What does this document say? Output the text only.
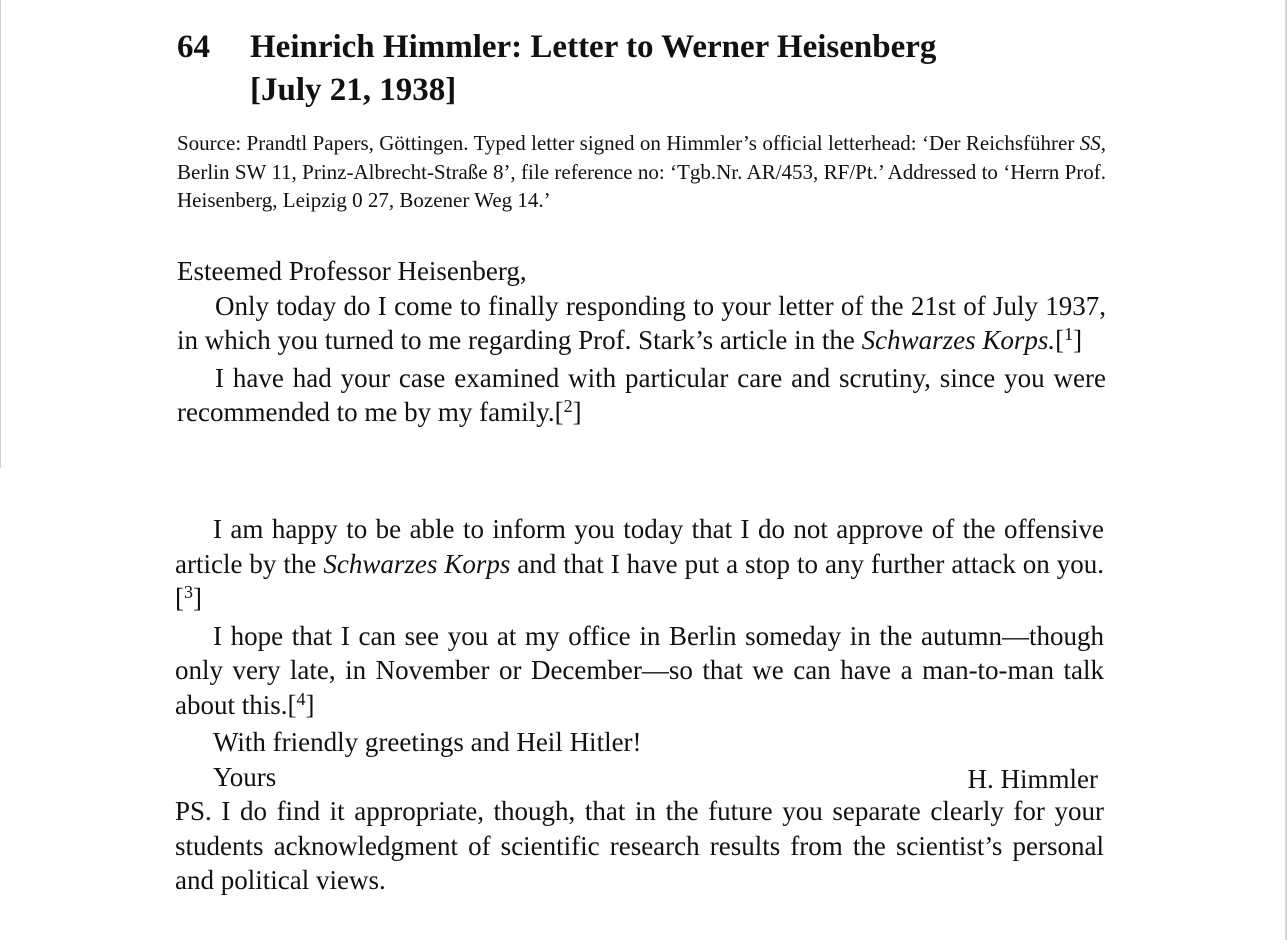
64 Heinrich Himmler: Letter to Werner Heisenberg
[July 21, 1938]
Source: Prandtl Papers, Göttingen. Typed letter signed on Himmler’s official letterhead: ‘Der Reichsführer SS, Berlin SW 11, Prinz-Albrecht-Straße 8’, file reference no: ‘Tgb.Nr. AR/453, RF/Pt.’ Addressed to ‘Herrn Prof. Heisenberg, Leipzig 0 27, Bozener Weg 14.’

Esteemed Professor Heisenberg,

Only today do I come to finally responding to your letter of the 21st of July 1937, in which you turned to me regarding Prof. Stark’s article in the Schwarzes Korps.[$^1$]

I have had your case examined with particular care and scrutiny, since you were recommended to me by my family.[$^2$]

I am happy to be able to inform you today that I do not approve of the offensive article by the Schwarzes Korps and that I have put a stop to any further attack on you.[$^3$]

I hope that I can see you at my office in Berlin someday in the autumn—though only very late, in November or December—so that we can have a man-to-man talk about this.[$^4$]

With friendly greetings and Heil Hitler!

Yours	H. Himmler

PS. I do find it appropriate, though, that in the future you separate clearly for your students acknowledgment of scientific research results from the scientist’s personal and political views.
